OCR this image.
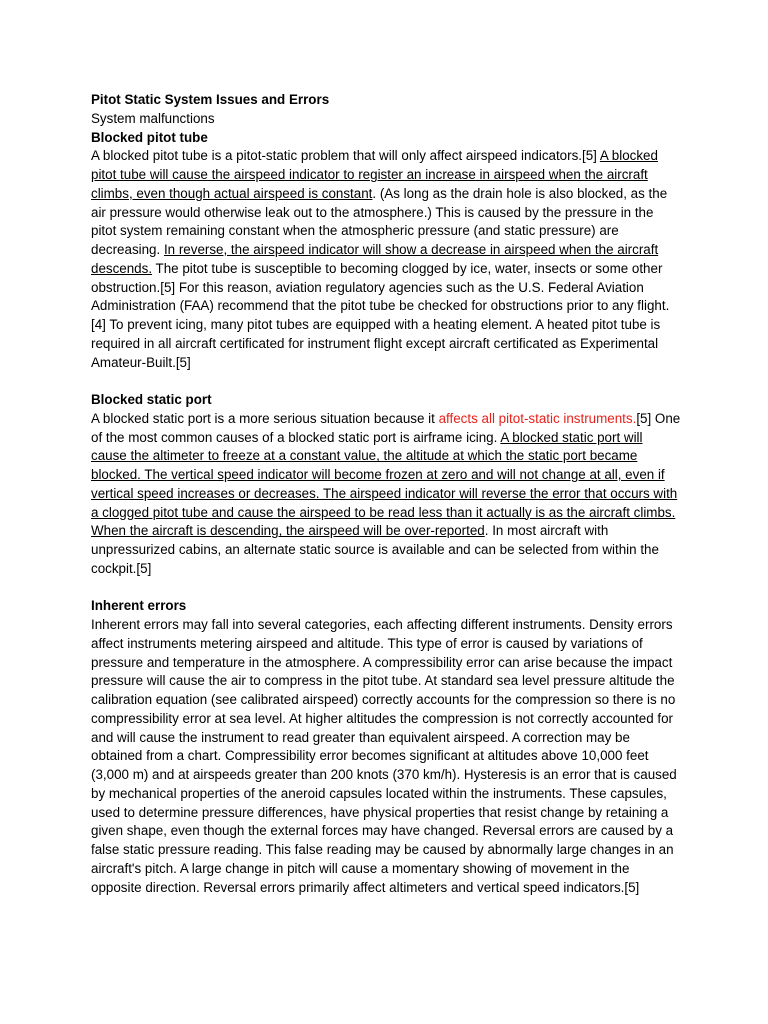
Pitot Static System Issues and Errors
System malfunctions
Blocked pitot tube

A blocked pitot tube is a pitot-static problem that will only affect airspeed indicators.[5] A blocked pitot tube will cause the airspeed indicator to register an increase in airspeed when the aircraft climbs, even though actual airspeed is constant. (As long as the drain hole is also blocked, as the air pressure would otherwise leak out to the atmosphere.) This is caused by the pressure in the pitot system remaining constant when the atmospheric pressure (and static pressure) are decreasing. In reverse, the airspeed indicator will show a decrease in airspeed when the aircraft descends. The pitot tube is susceptible to becoming clogged by ice, water, insects or some other obstruction.[5] For this reason, aviation regulatory agencies such as the U.S. Federal Aviation Administration (FAA) recommend that the pitot tube be checked for obstructions prior to any flight.[4] To prevent icing, many pitot tubes are equipped with a heating element. A heated pitot tube is required in all aircraft certificated for instrument flight except aircraft certificated as Experimental Amateur-Built.[5]

Blocked static port

A blocked static port is a more serious situation because it affects all pitot-static instruments.[5] One of the most common causes of a blocked static port is airframe icing. A blocked static port will cause the altimeter to freeze at a constant value, the altitude at which the static port became blocked. The vertical speed indicator will become frozen at zero and will not change at all, even if vertical speed increases or decreases. The airspeed indicator will reverse the error that occurs with a clogged pitot tube and cause the airspeed to be read less than it actually is as the aircraft climbs. When the aircraft is descending, the airspeed will be over-reported. In most aircraft with unpressurized cabins, an alternate static source is available and can be selected from within the cockpit.[5]

Inherent errors

Inherent errors may fall into several categories, each affecting different instruments. Density errors affect instruments metering airspeed and altitude. This type of error is caused by variations of pressure and temperature in the atmosphere. A compressibility error can arise because the impact pressure will cause the air to compress in the pitot tube. At standard sea level pressure altitude the calibration equation (see calibrated airspeed) correctly accounts for the compression so there is no compressibility error at sea level. At higher altitudes the compression is not correctly accounted for and will cause the instrument to read greater than equivalent airspeed. A correction may be obtained from a chart. Compressibility error becomes significant at altitudes above 10,000 feet (3,000 m) and at airspeeds greater than 200 knots (370 km/h). Hysteresis is an error that is caused by mechanical properties of the aneroid capsules located within the instruments. These capsules, used to determine pressure differences, have physical properties that resist change by retaining a given shape, even though the external forces may have changed. Reversal errors are caused by a false static pressure reading. This false reading may be caused by abnormally large changes in an aircraft's pitch. A large change in pitch will cause a momentary showing of movement in the opposite direction. Reversal errors primarily affect altimeters and vertical speed indicators.[5]
